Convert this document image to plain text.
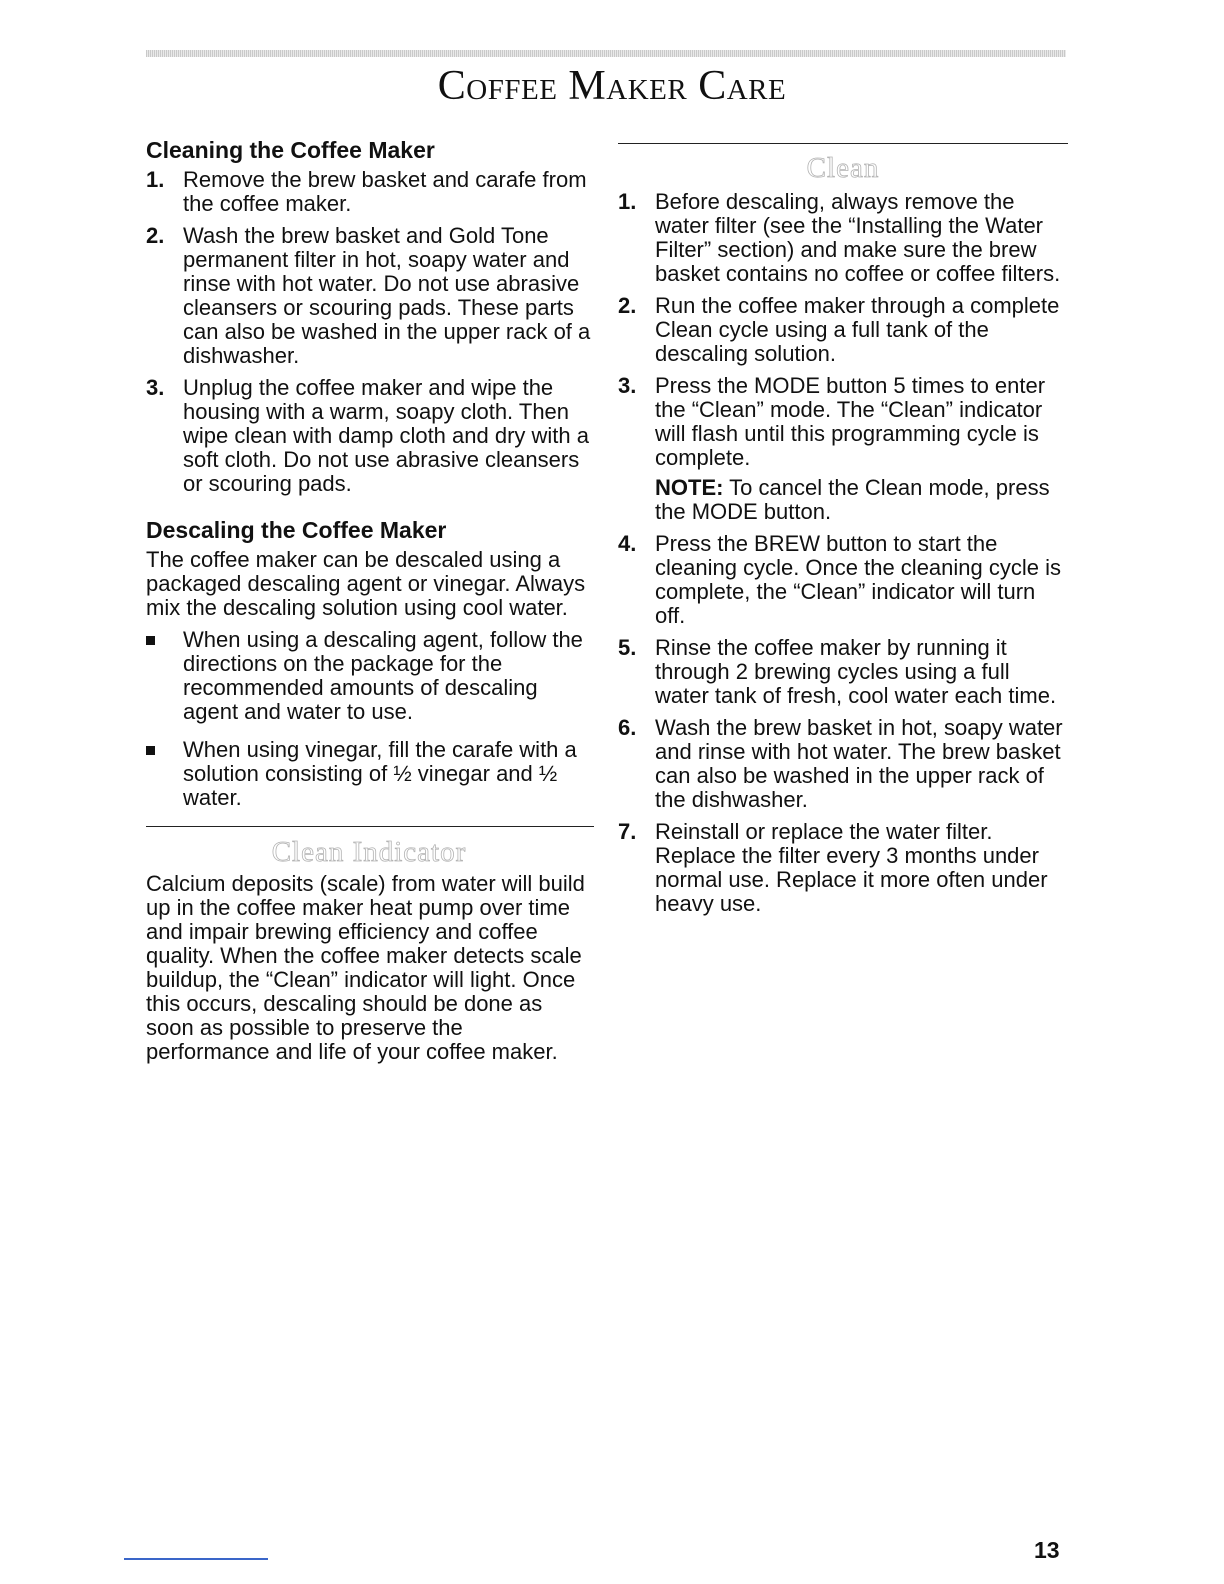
Coffee Maker Care
Cleaning the Coffee Maker
1. Remove the brew basket and carafe from the coffee maker.
2. Wash the brew basket and Gold Tone permanent filter in hot, soapy water and rinse with hot water. Do not use abrasive cleansers or scouring pads. These parts can also be washed in the upper rack of a dishwasher.
3. Unplug the coffee maker and wipe the housing with a warm, soapy cloth. Then wipe clean with damp cloth and dry with a soft cloth. Do not use abrasive cleansers or scouring pads.
Descaling the Coffee Maker

The coffee maker can be descaled using a packaged descaling agent or vinegar. Always mix the descaling solution using cool water.

When using a descaling agent, follow the directions on the package for the recommended amounts of descaling agent and water to use.
When using vinegar, fill the carafe with a solution consisting of ½ vinegar and ½ water.
Clean Indicator

Calcium deposits (scale) from water will build up in the coffee maker heat pump over time and impair brewing efficiency and coffee quality. When the coffee maker detects scale buildup, the “Clean” indicator will light. Once this occurs, descaling should be done as soon as possible to preserve the performance and life of your coffee maker.

Clean
1. Before descaling, always remove the water filter (see the “Installing the Water Filter” section) and make sure the brew basket contains no coffee or coffee filters.
2. Run the coffee maker through a complete Clean cycle using a full tank of the descaling solution.
3. Press the MODE button 5 times to enter the “Clean” mode. The “Clean” indicator will flash until this programming cycle is complete.

NOTE: To cancel the Clean mode, press the MODE button.

4. Press the BREW button to start the cleaning cycle. Once the cleaning cycle is complete, the “Clean” indicator will turn off.
5. Rinse the coffee maker by running it through 2 brewing cycles using a full water tank of fresh, cool water each time.
6. Wash the brew basket in hot, soapy water and rinse with hot water. The brew basket can also be washed in the upper rack of the dishwasher.
7. Reinstall or replace the water filter. Replace the filter every 3 months under normal use. Replace it more often under heavy use.
13
